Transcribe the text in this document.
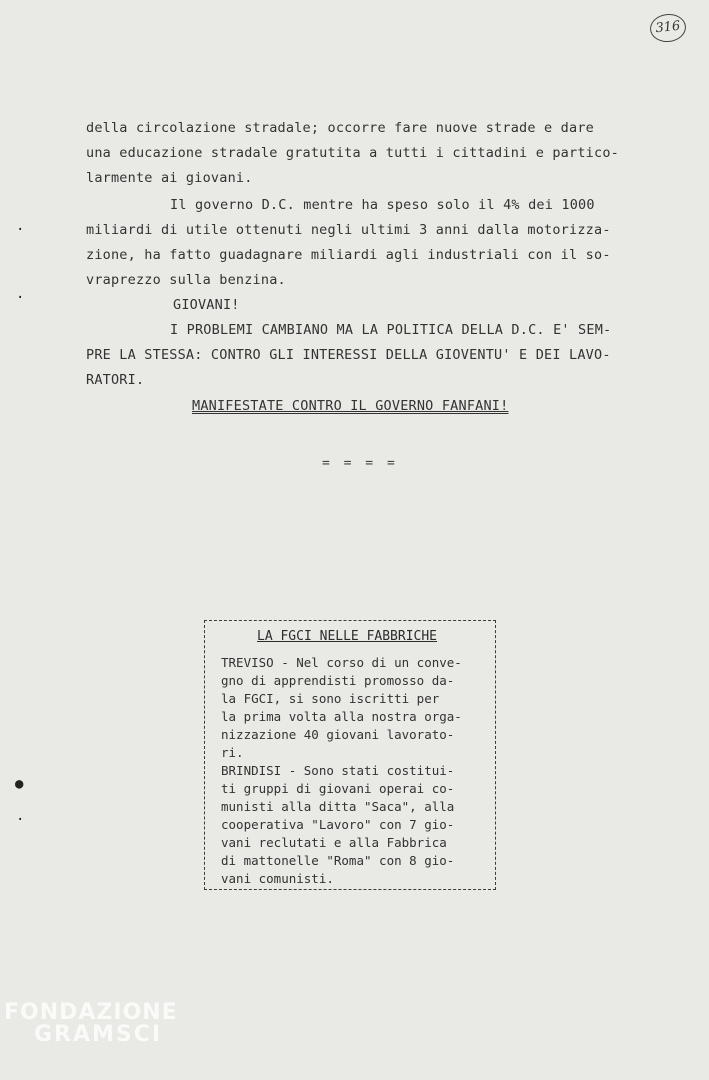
316
della circolazione stradale; occorre fare nuove strade e dare
una educazione stradale gratutita a tutti i cittadini e partico-
larmente ai giovani.
Il governo D.C. mentre ha speso solo il 4% dei 1000
miliardi di utile ottenuti negli ultimi 3 anni dalla motorizza-
zione, ha fatto guadagnare miliardi agli industriali con il so-
vraprezzo sulla benzina.
GIOVANI!
I PROBLEMI CAMBIANO MA LA POLITICA DELLA D.C. E' SEM-
PRE LA STESSA: CONTRO GLI INTERESSI DELLA GIOVENTU' E DEI LAVO-
RATORI.
MANIFESTATE CONTRO IL GOVERNO FANFANI!
= = = =
LA FGCI NELLE FABBRICHE
TREVISO - Nel corso di un conve-
gno di apprendisti promosso da-
la FGCI, si sono iscritti per
la prima volta alla nostra orga-
nizzazione 40 giovani lavorato-
ri.
BRINDISI - Sono stati costitui-
ti gruppi di giovani operai co-
munisti alla ditta "Saca", alla
cooperativa "Lavoro" con 7 gio-
vani reclutati e alla Fabbrica
di mattonelle "Roma" con 8 gio-
vani comunisti.
·
·
●
·
FONDAZIONE
GRAMSCI
